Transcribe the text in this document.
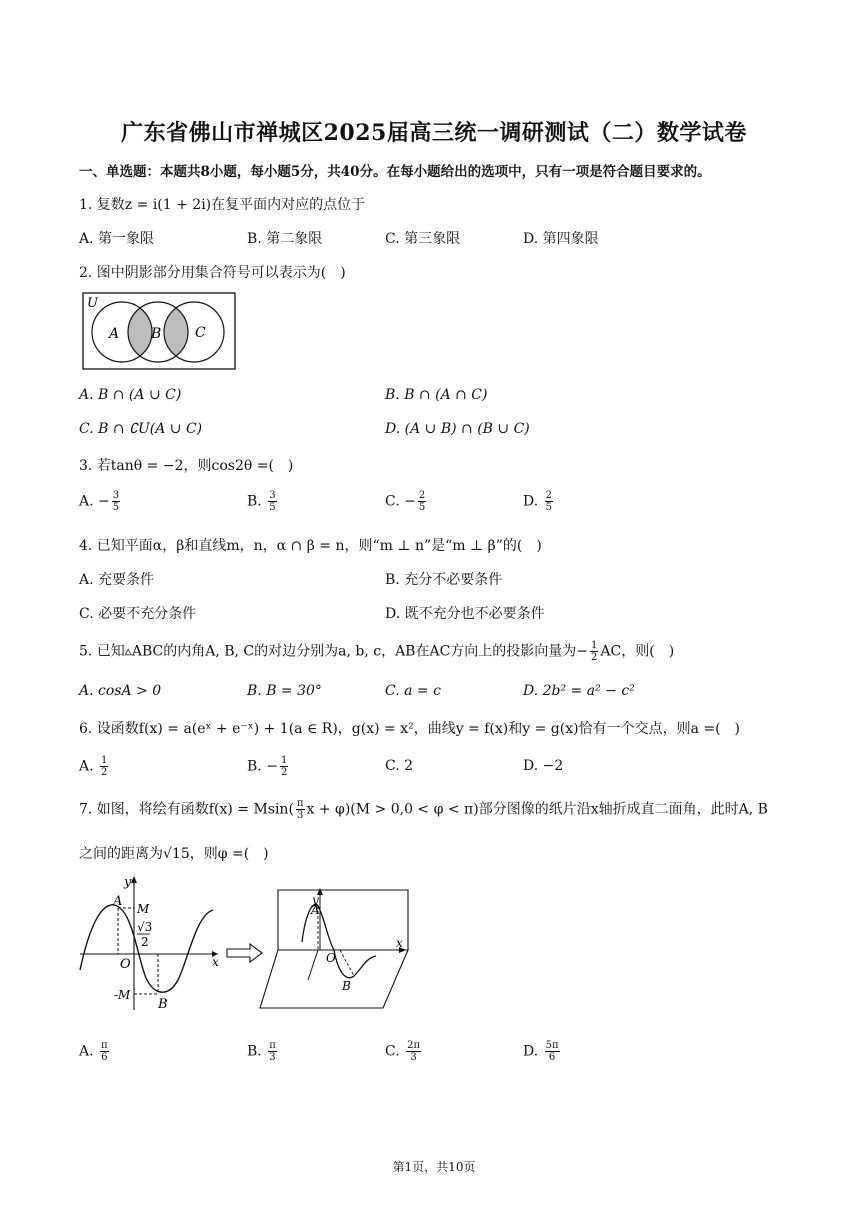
广东省佛山市禅城区2025届高三统一调研测试（二）数学试卷
一、单选题：本题共8小题，每小题5分，共40分。在每小题给出的选项中，只有一项是符合题目要求的。
1. 复数z = i(1 + 2i)在复平面内对应的点位于
A. 第一象限	B. 第二象限	C. 第三象限	D. 第四象限
2. 图中阴影部分用集合符号可以表示为(　)
U
A B C
A. B ∩ (A ∪ C)	B. B ∩ (A ∩ C)
C. B ∩ ∁U(A ∪ C)	D. (A ∪ B) ∩ (B ∪ C)
3. 若tanθ = −2，则cos2θ =(　)
A. − $\frac{3}{5}$	B. $\frac{3}{5}$	C. − $\frac{2}{5}$	D. $\frac{2}{5}$
4. 已知平面α，β和直线m，n，α ∩ β = n，则“m ⊥ n”是“m ⊥ β”的(　)
A. 充要条件	B. 充分不必要条件
C. 必要不充分条件	D. 既不充分也不必要条件
5. 已知▵ABC的内角A, B, C的对边分别为a, b, c，AB在AC方向上的投影向量为− $\frac{1}{2}$ AC，则(　)
A. cosA > 0	B. B = 30°	C. a = c	D. 2b² = a² − c²
6. 设函数f(x) = a(eˣ + e⁻ˣ) + 1(a ∈ R)，g(x) = x²，曲线y = f(x)和y = g(x)恰有一个交点，则a =(　)
A. $\frac{1}{2}$	B. − $\frac{1}{2}$	C. 2	D. −2
7. 如图，将绘有函数$f(x) = Msin( \frac{\pi}{3}$ x + φ)(M > 0,0 < φ < π)部分图像的纸片沿x轴折成直二面角，此时A, B
之间的距离为√15，则φ =(　)
y
A M
√3
2
O	x
-M
B
y
A
O
x
B
A. $\frac{\pi}{6}$	B. $\frac{\pi}{3}$	C. $\frac{2\pi}{3}$	D. $\frac{5\pi}{6}$
第1页，共10页
